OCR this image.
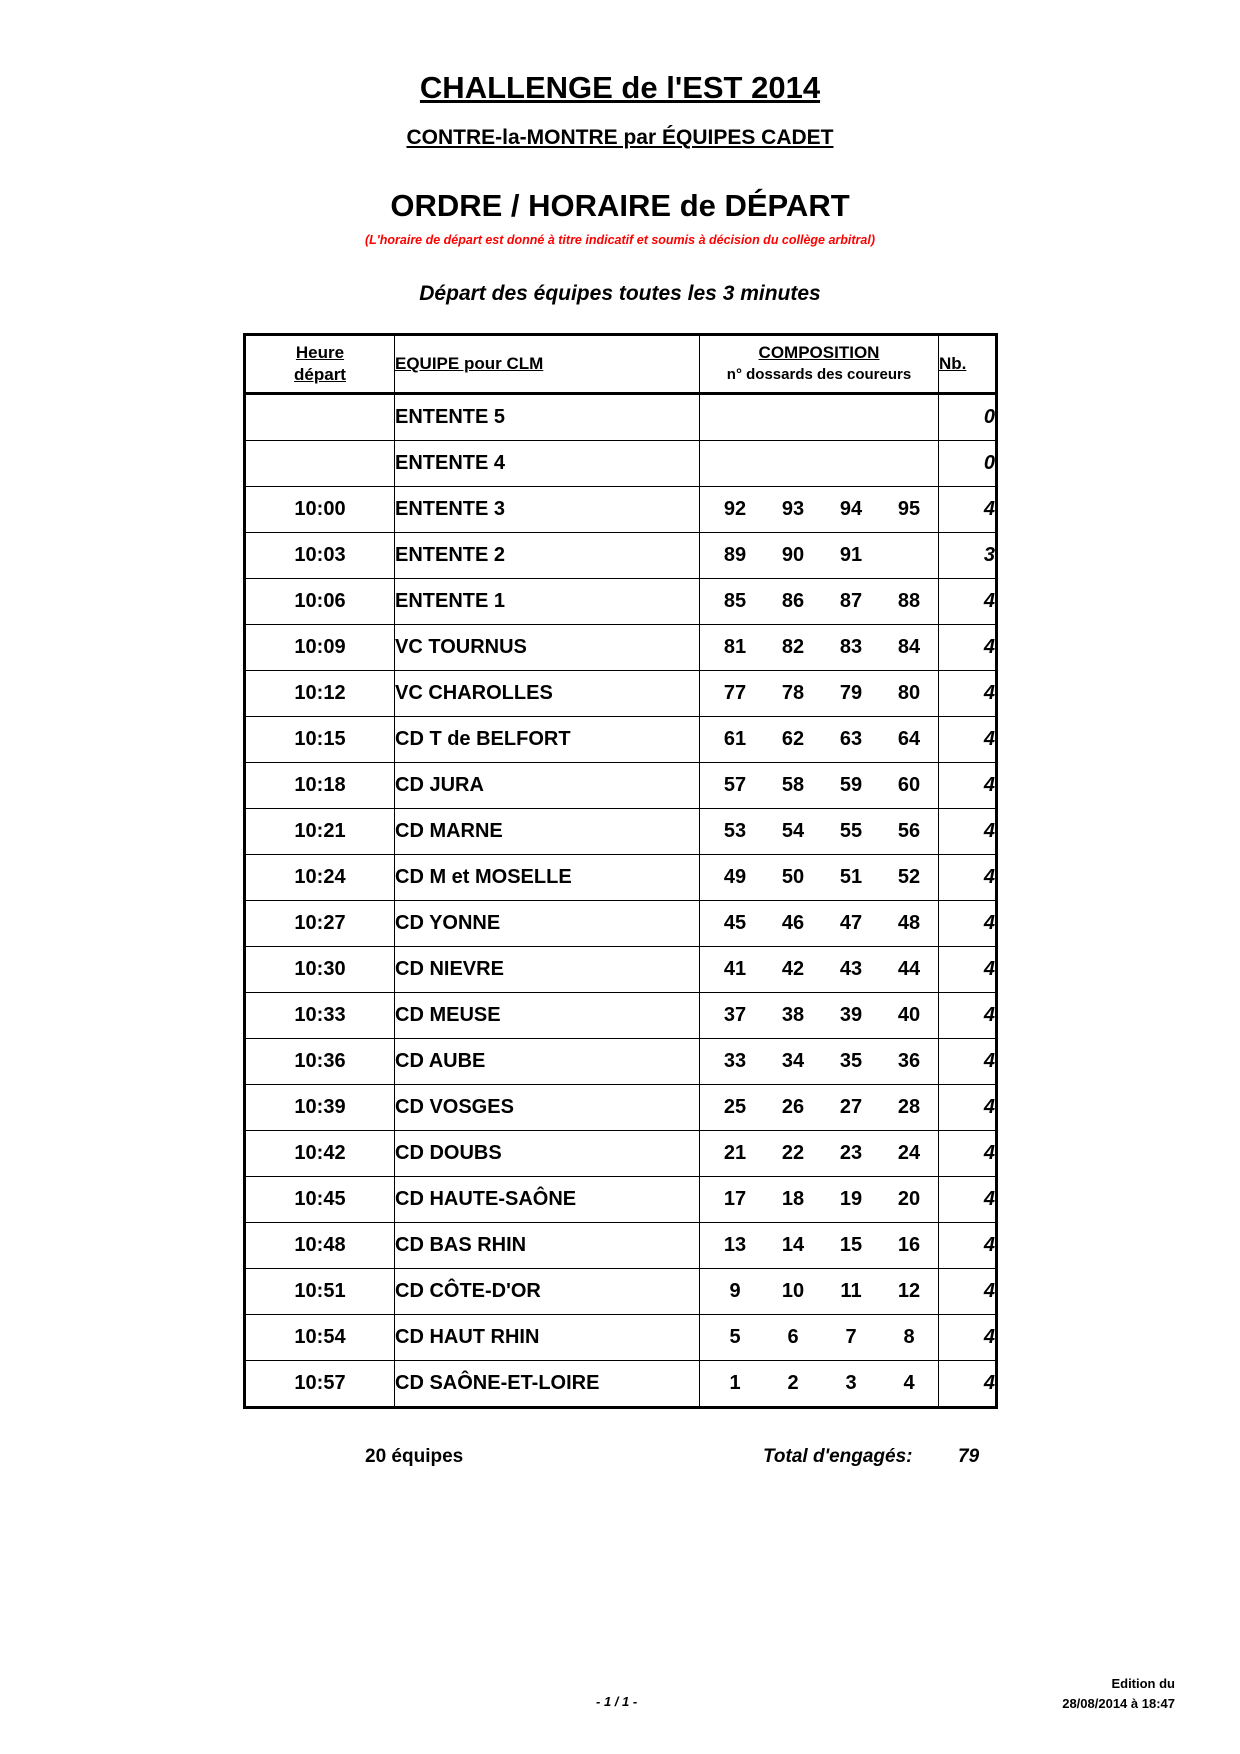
CHALLENGE de l'EST 2014
CONTRE-la-MONTRE par ÉQUIPES CADET
ORDRE / HORAIRE de DÉPART
(L'horaire de départ est donné à titre indicatif et soumis à décision du collège arbitral)
Départ des équipes toutes les 3 minutes
Heure
départ	EQUIPE pour CLM	COMPOSITION
n° dossards des coureurs	Nb.
	ENTENTE 5		0
	ENTENTE 4		0
10:00	ENTENTE 3	92 93 94 95	4
10:03	ENTENTE 2	89 90 91	3
10:06	ENTENTE 1	85 86 87 88	4
10:09	VC TOURNUS	81 82 83 84	4
10:12	VC CHAROLLES	77 78 79 80	4
10:15	CD T de BELFORT	61 62 63 64	4
10:18	CD JURA	57 58 59 60	4
10:21	CD MARNE	53 54 55 56	4
10:24	CD M et MOSELLE	49 50 51 52	4
10:27	CD YONNE	45 46 47 48	4
10:30	CD NIEVRE	41 42 43 44	4
10:33	CD MEUSE	37 38 39 40	4
10:36	CD AUBE	33 34 35 36	4
10:39	CD VOSGES	25 26 27 28	4
10:42	CD DOUBS	21 22 23 24	4
10:45	CD HAUTE-SAÔNE	17 18 19 20	4
10:48	CD BAS RHIN	13 14 15 16	4
10:51	CD CÔTE-D'OR	9 10 11 12	4
10:54	CD HAUT RHIN	5 6 7 8	4
10:57	CD SAÔNE-ET-LOIRE	1 2 3 4	4
20 équipes	Total d'engagés: 79
- 1 / 1 -
Edition du
28/08/2014 à 18:47
